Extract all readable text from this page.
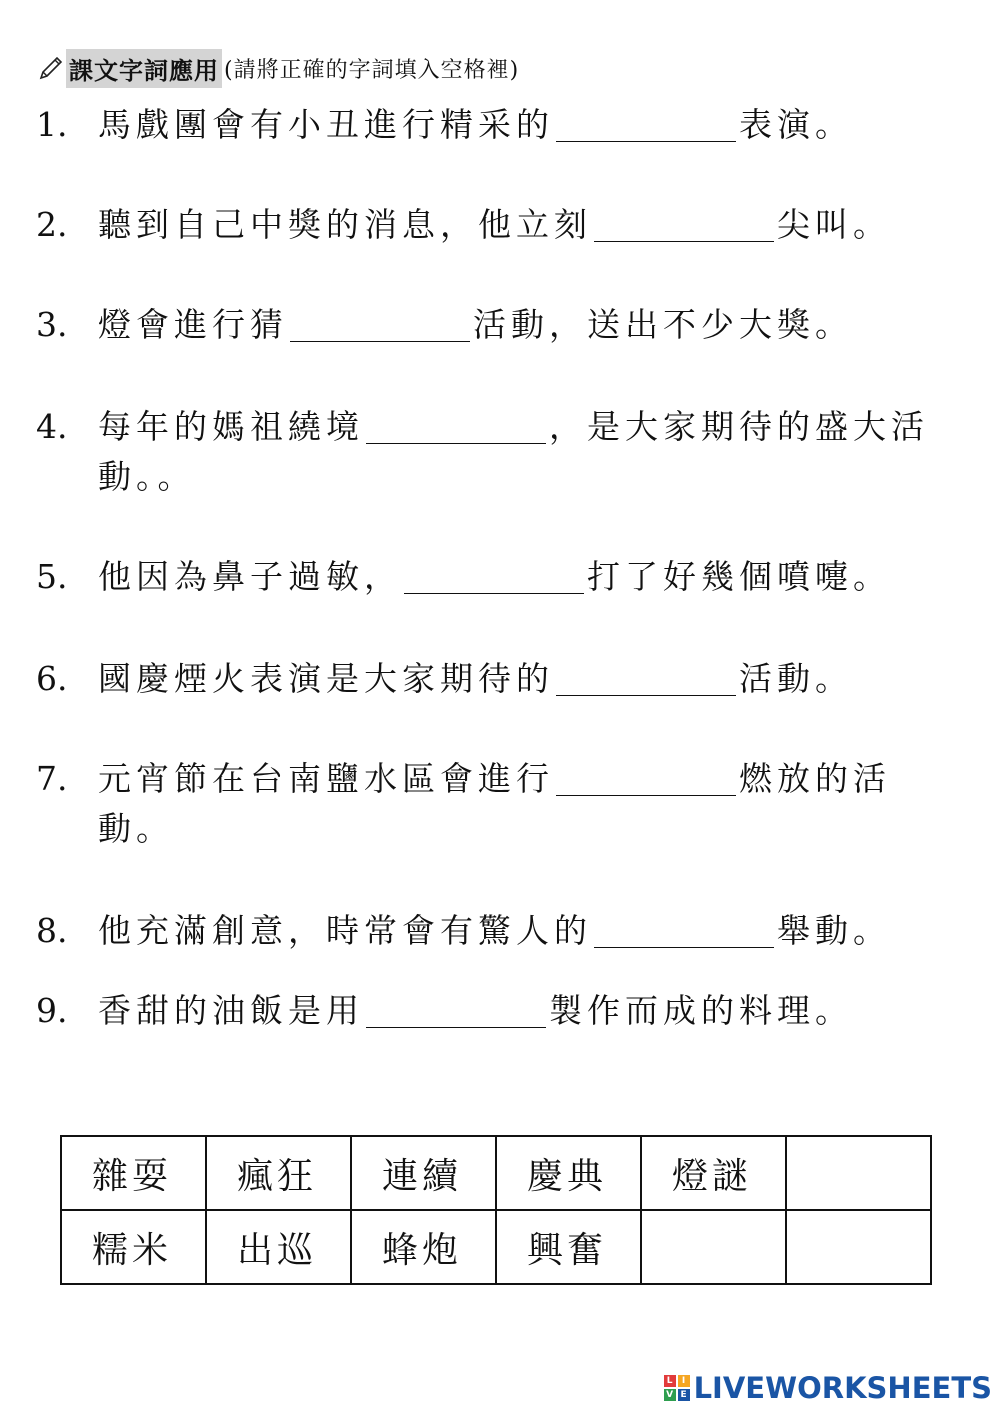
課文字詞應用 (請將正確的字詞填入空格裡)
1. 馬戲團會有小丑進行精采的	表演。
2. 聽到自己中獎的消息，他立刻	尖叫。
3. 燈會進行猜	活動，送出不少大獎。
4. 每年的媽祖繞境	，是大家期待的盛大活
動。。
5. 他因為鼻子過敏，	打了好幾個噴嚏。
6. 國慶煙火表演是大家期待的	活動。
7. 元宵節在台南鹽水區會進行	燃放的活
動。
8. 他充滿創意，時常會有驚人的	舉動。
9. 香甜的油飯是用	製作而成的料理。
雜耍	瘋狂	連續	慶典	燈謎	
糯米	出巡	蜂炮	興奮		
L	I
V E LIVEWORKSHEETS
